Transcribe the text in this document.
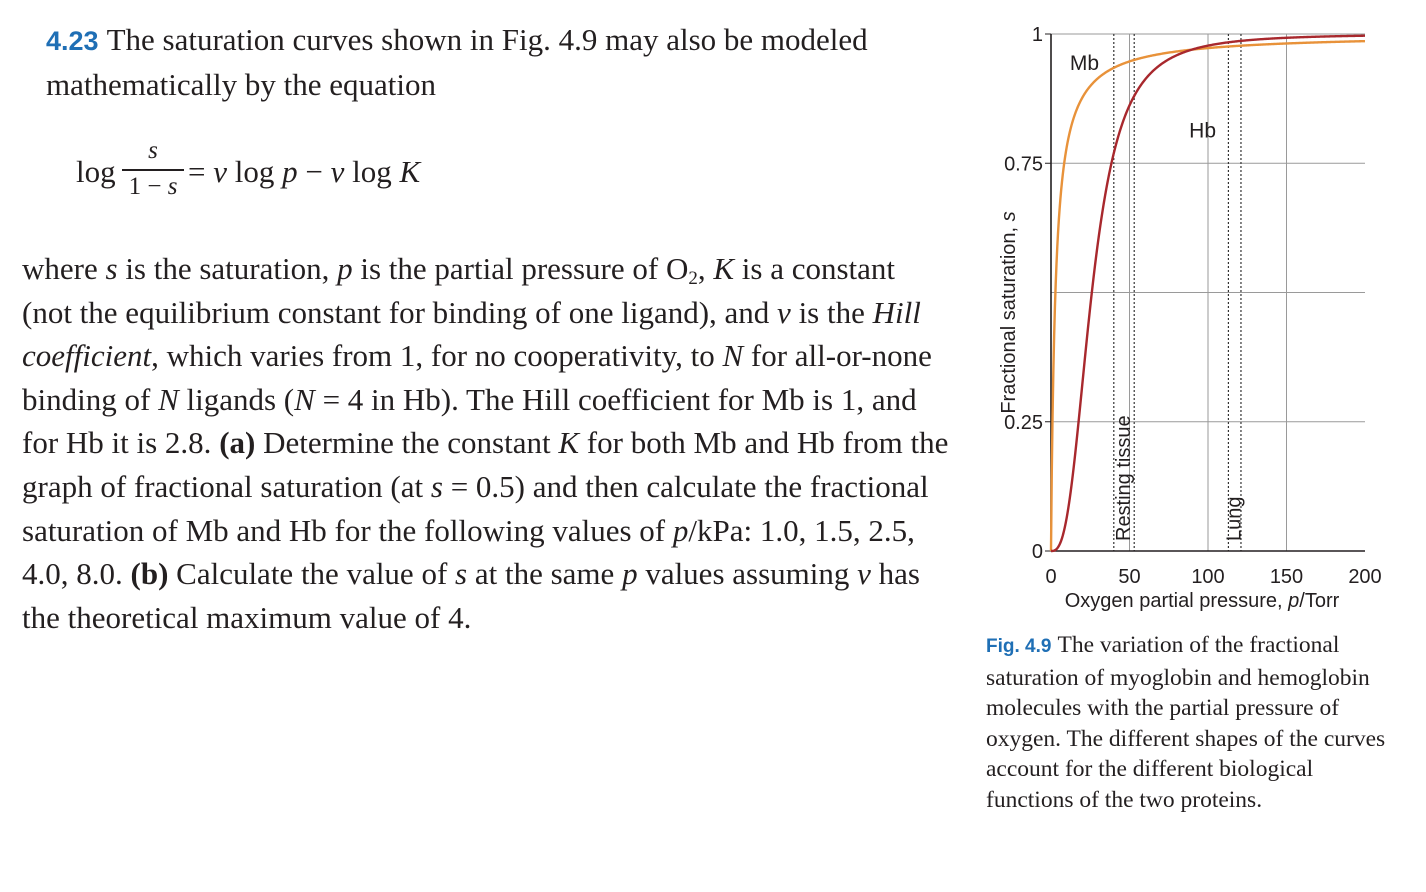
4.23 The saturation curves shown in Fig. 4.9 may also be modeled
mathematically by the equation
log
s
1 − s = ν log p − ν log K
where s is the saturation, p is the partial pressure of $O_2$, K is a constant (not the equilibrium constant for binding of one ligand), and ν is the Hill coefficient, which varies from 1, for no cooperativity, to N for all-or-none binding of N ligands (N = 4 in Hb). The Hill coefficient for Mb is 1, and for Hb it is 2.8. (a) Determine the constant K for both Mb and Hb from the graph of fractional saturation (at s = 0.5) and then calculate the fractional saturation of Mb and Hb for the following values of p/kPa: 1.0, 1.5, 2.5, 4.0, 8.0. (b) Calculate the value of s at the same p values assuming ν has the theoretical maximum value of 4.
Resting tissue	Lung
0
0.25
0.75
1
0	50	100 150 200
Oxygen partial pressure, p/Torr
Fractional saturation, s
Mb
Hb
Fig. 4.9 The variation of the fractional saturation of myoglobin and hemoglobin molecules with the partial pressure of oxygen. The different shapes of the curves account for the different biological functions of the two proteins.
